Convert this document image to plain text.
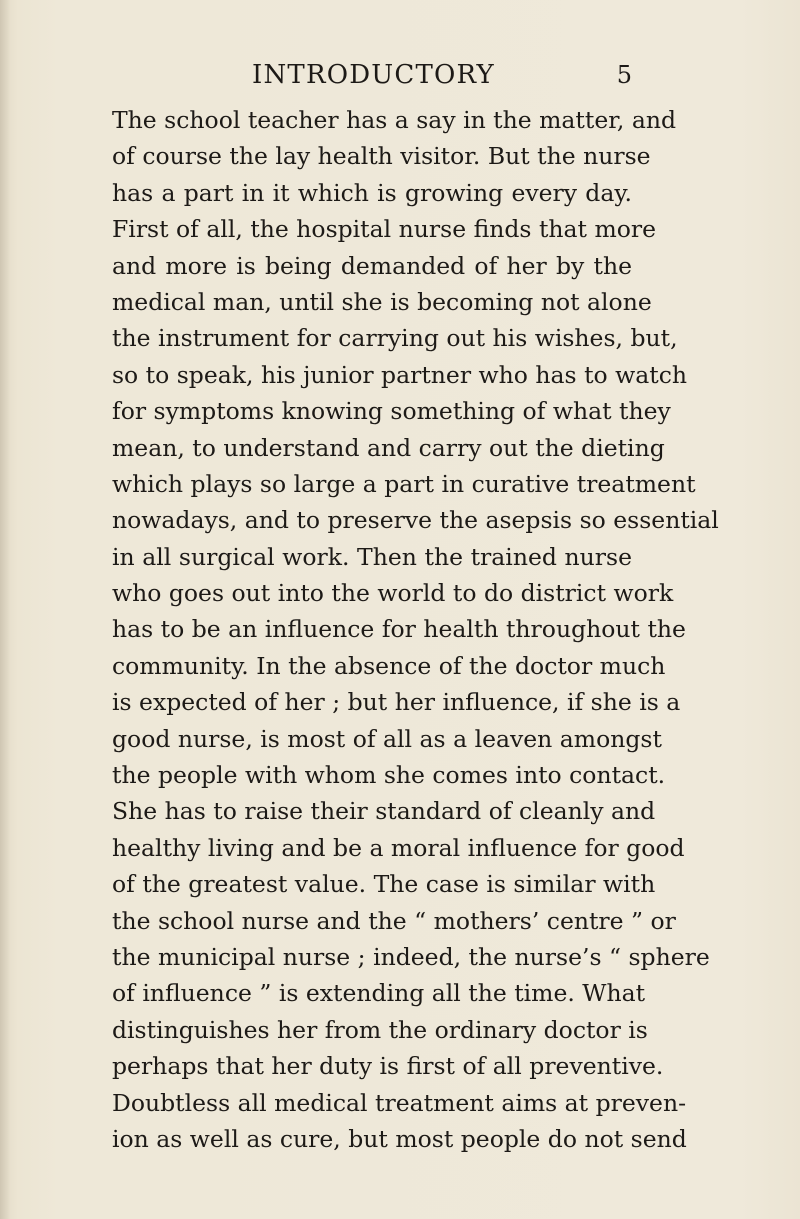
INTRODUCTORY	5
The school teacher has a say in the matter, and
of course the lay health visitor. But the nurse
has a part in it which is growing every day.
First of all, the hospital nurse finds that more
and more is being demanded of her by the
medical man, until she is becoming not alone
the instrument for carrying out his wishes, but,
so to speak, his junior partner who has to watch
for symptoms knowing something of what they
mean, to understand and carry out the dieting
which plays so large a part in curative treatment
nowadays, and to preserve the asepsis so essential
in all surgical work. Then the trained nurse
who goes out into the world to do district work
has to be an influence for health throughout the
community. In the absence of the doctor much
is expected of her ; but her influence, if she is a
good nurse, is most of all as a leaven amongst
the people with whom she comes into contact.
She has to raise their standard of cleanly and
healthy living and be a moral influence for good
of the greatest value. The case is similar with
the school nurse and the “ mothers’ centre ” or
the municipal nurse ; indeed, the nurse’s “ sphere
of influence ” is extending all the time. What
distinguishes her from the ordinary doctor is
perhaps that her duty is first of all preventive.
Doubtless all medical treatment aims at preven-
ion as well as cure, but most people do not send
